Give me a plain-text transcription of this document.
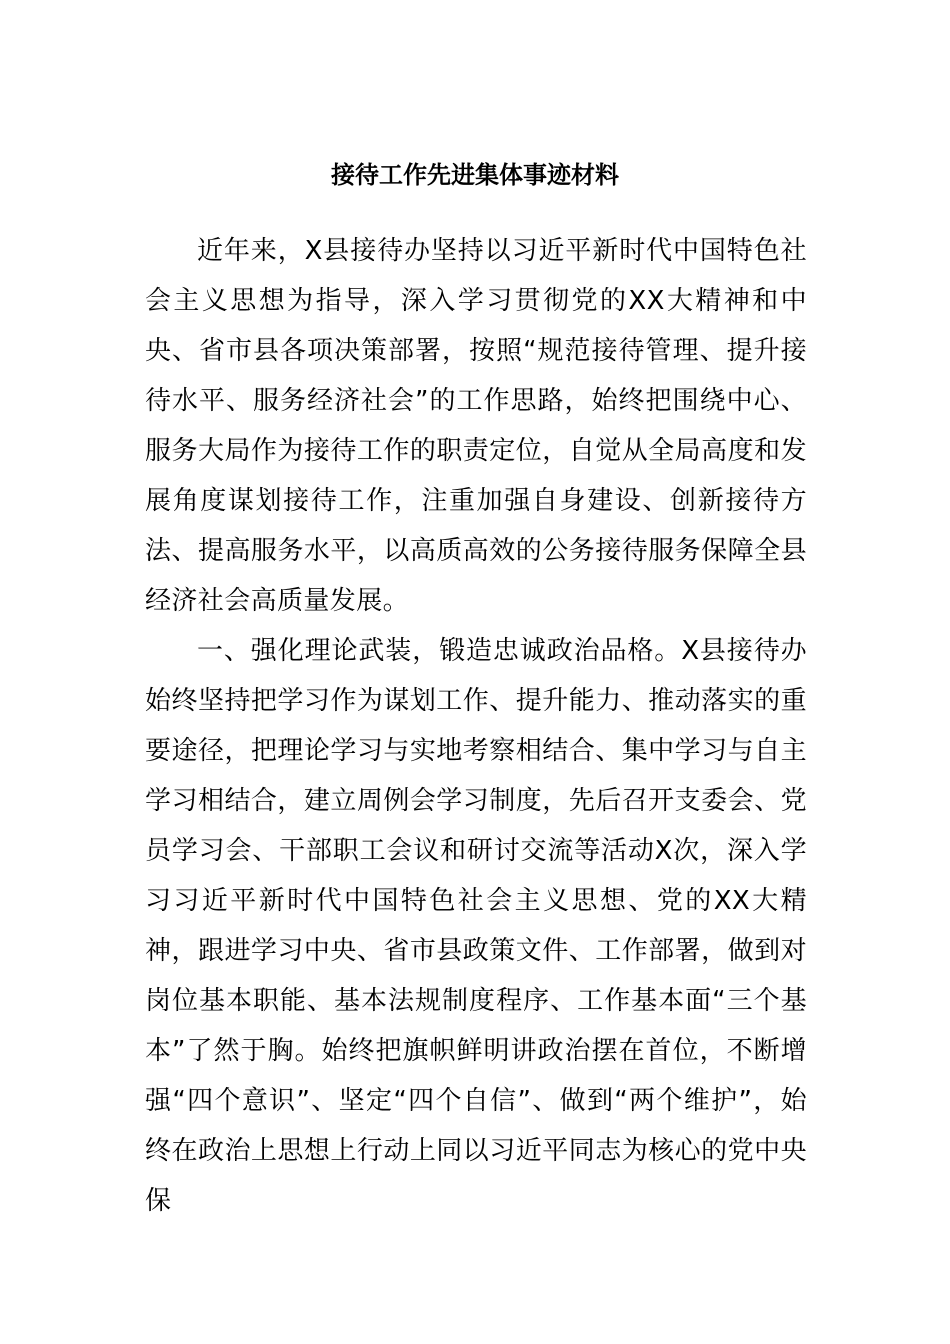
接待工作先进集体事迹材料

近年来，X县接待办坚持以习近平新时代中国特色社会主义思想为指导，深入学习贯彻党的XX大精神和中央、省市县各项决策部署，按照“规范接待管理、提升接待水平、服务经济社会”的工作思路，始终把围绕中心、服务大局作为接待工作的职责定位，自觉从全局高度和发展角度谋划接待工作，注重加强自身建设、创新接待方法、提高服务水平，以高质高效的公务接待服务保障全县经济社会高质量发展。

一、强化理论武装，锻造忠诚政治品格。X县接待办始终坚持把学习作为谋划工作、提升能力、推动落实的重要途径，把理论学习与实地考察相结合、集中学习与自主学习相结合，建立周例会学习制度，先后召开支委会、党员学习会、干部职工会议和研讨交流等活动X次，深入学习习近平新时代中国特色社会主义思想、党的XX大精神，跟进学习中央、省市县政策文件、工作部署，做到对岗位基本职能、基本法规制度程序、工作基本面“三个基本”了然于胸。始终把旗帜鲜明讲政治摆在首位，不断增强“四个意识”、坚定“四个自信”、做到“两个维护”，始终在政治上思想上行动上同以习近平同志为核心的党中央保
